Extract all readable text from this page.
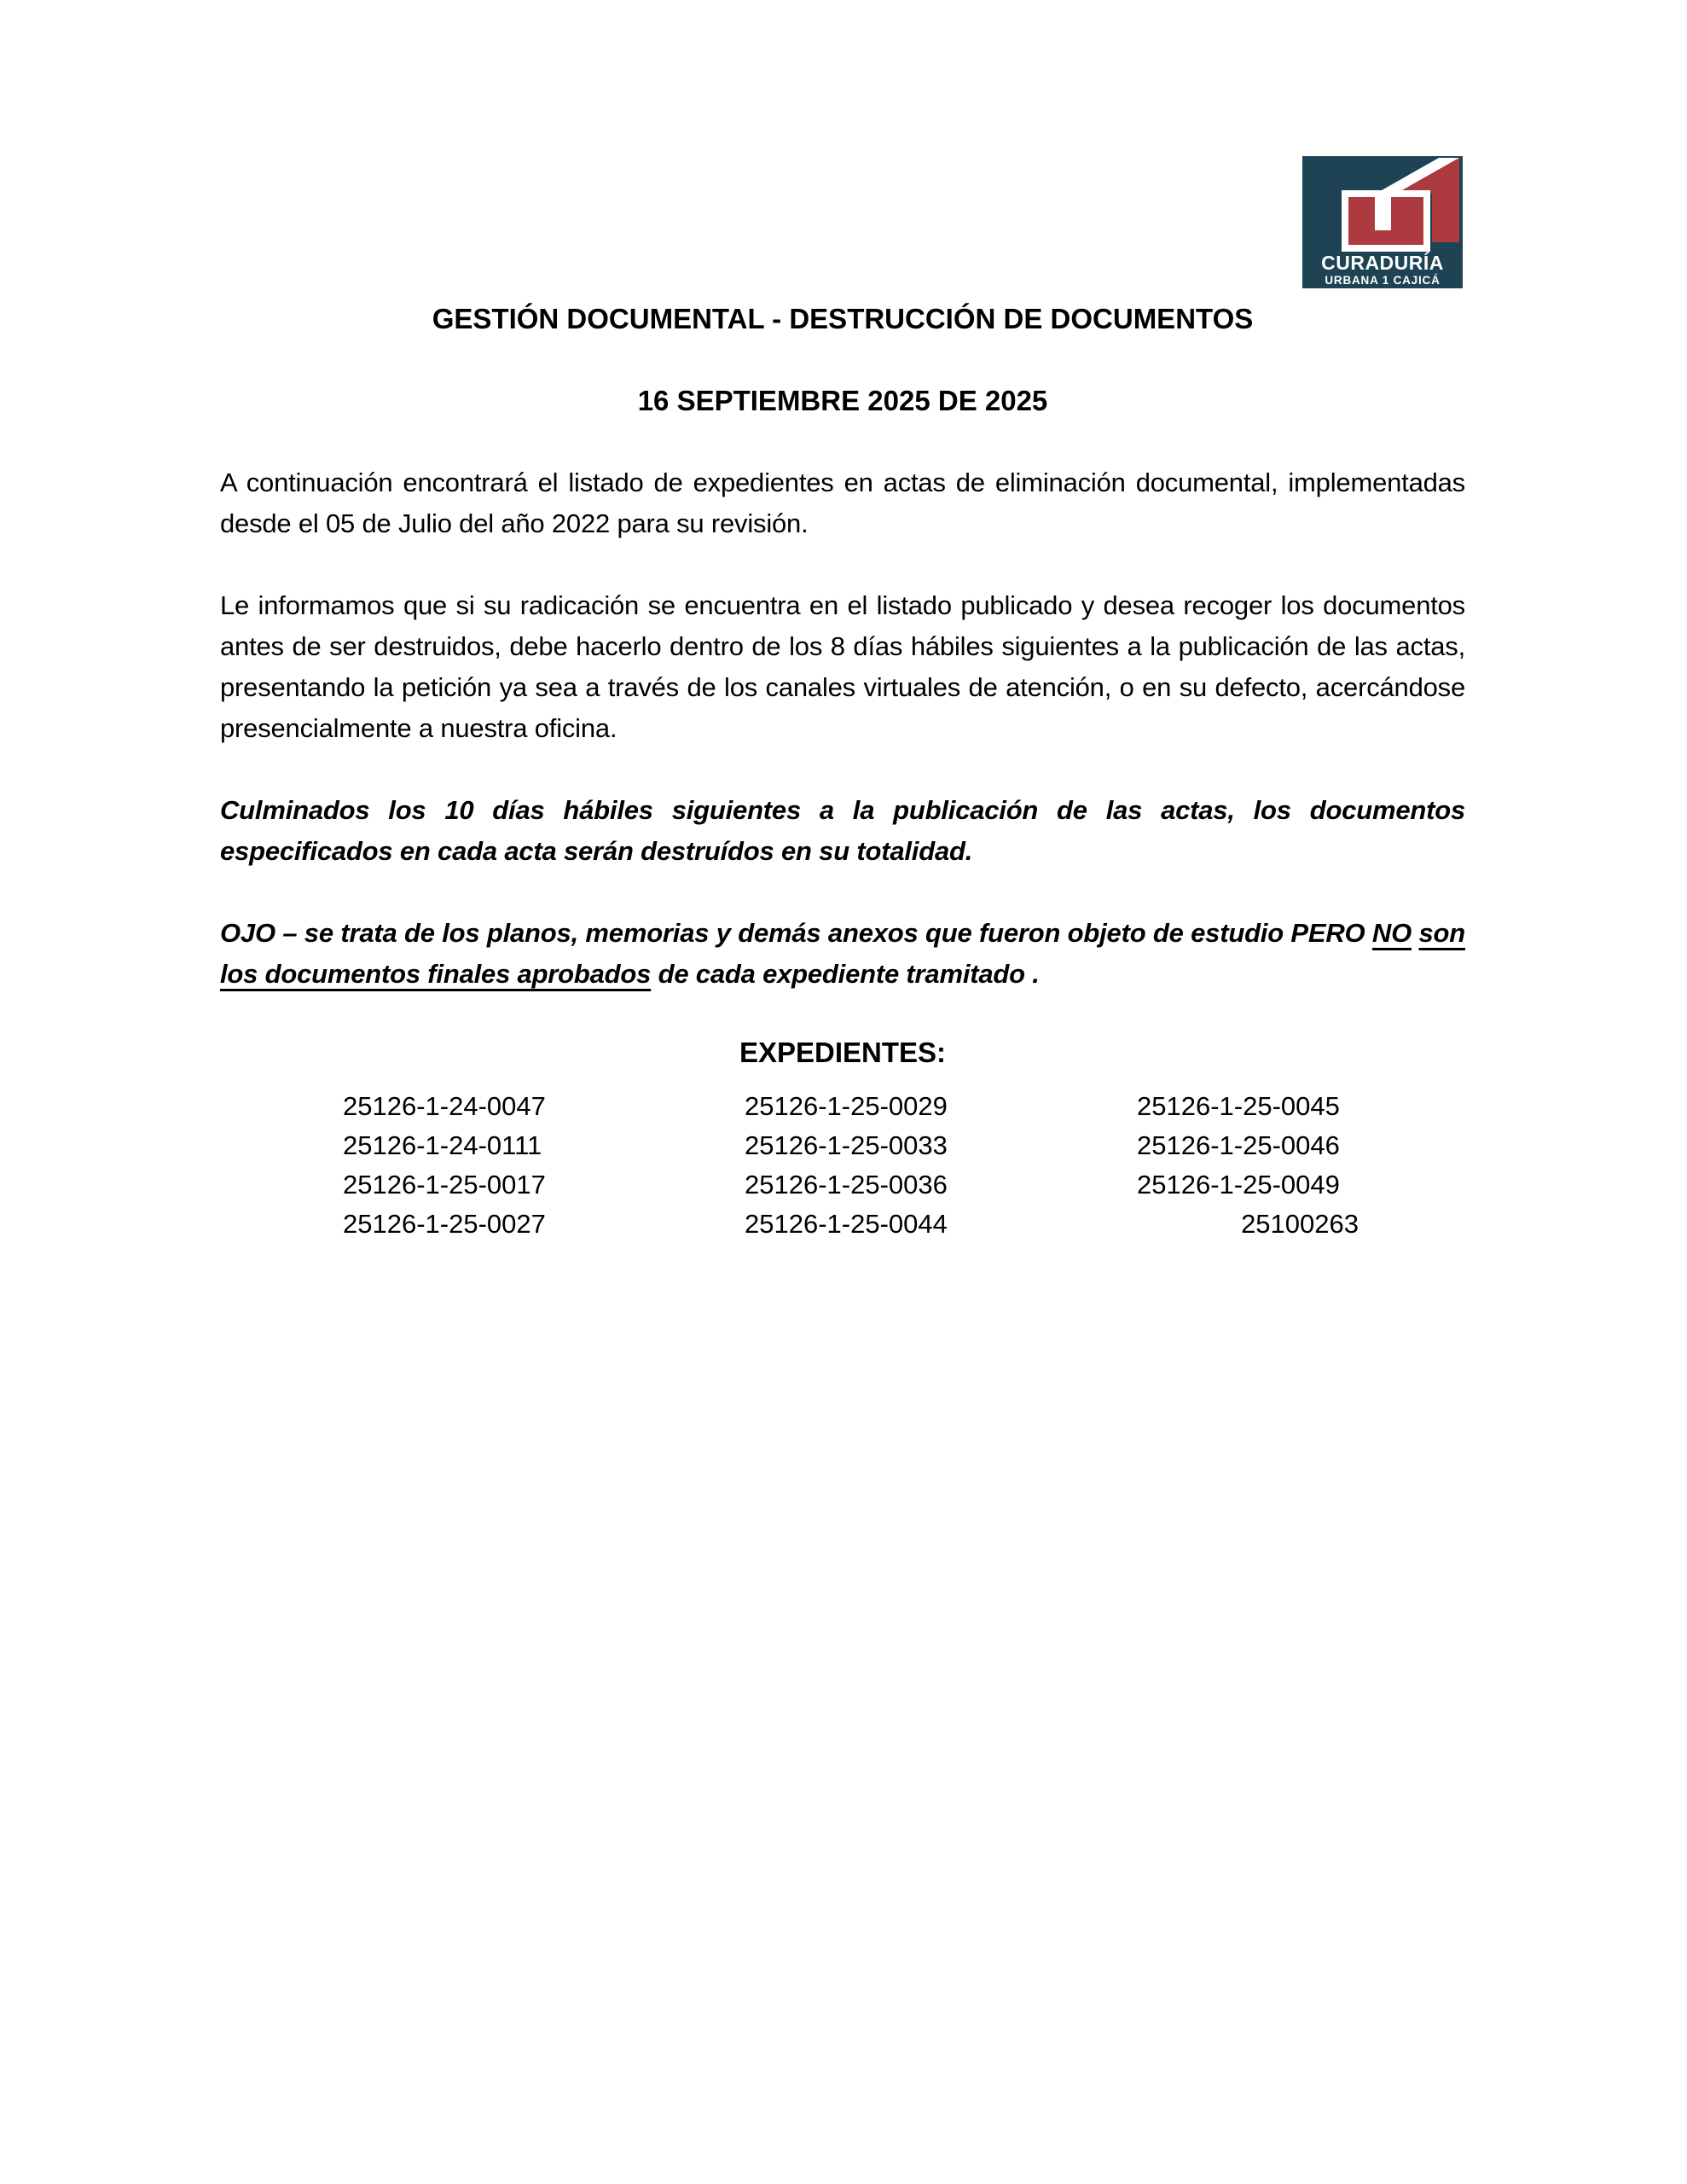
CURADURÍA
URBANA 1 CAJICÁ
GESTIÓN DOCUMENTAL - DESTRUCCIÓN DE DOCUMENTOS
16 SEPTIEMBRE 2025 DE 2025

A continuación encontrará el listado de expedientes en actas de eliminación documental, implementadas desde el 05 de Julio del año 2022 para su revisión.

Le informamos que si su radicación se encuentra en el listado publicado y desea recoger los documentos antes de ser destruidos, debe hacerlo dentro de los 8 días hábiles siguientes a la publicación de las actas, presentando la petición ya sea a través de los canales virtuales de atención, o en su defecto, acercándose presencialmente a nuestra oficina.

Culminados los 10 días hábiles siguientes a la publicación de las actas, los documentos especificados en cada acta serán destruídos en su totalidad.

OJO – se trata de los planos, memorias y demás anexos que fueron objeto de estudio PERO NO son los documentos finales aprobados de cada expediente tramitado .

EXPEDIENTES:
25126-1-24-0047	25126-1-25-0029	25126-1-25-0045
25126-1-24-0111	25126-1-25-0033	25126-1-25-0046
25126-1-25-0017	25126-1-25-0036	25126-1-25-0049
25126-1-25-0027	25126-1-25-0044	25100263
